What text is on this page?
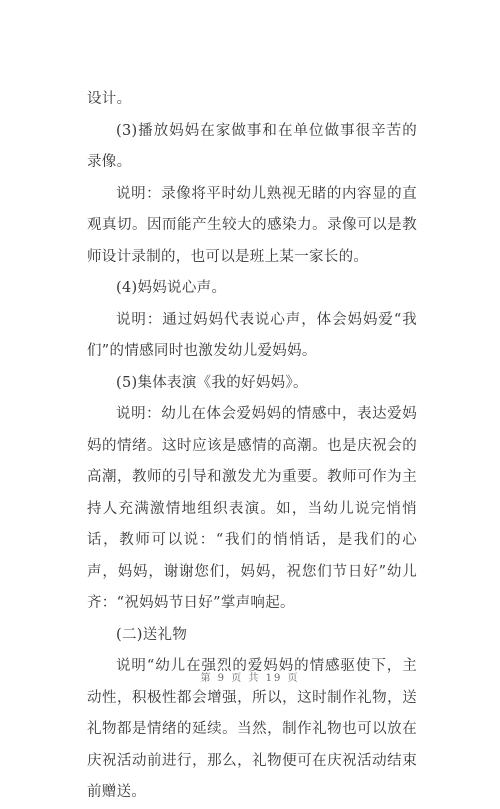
设计。

(3)播放妈妈在家做事和在单位做事很辛苦的录像。

说明：录像将平时幼儿熟视无睹的内容显的直观真切。因而能产生较大的感染力。录像可以是教师设计录制的，也可以是班上某一家长的。

(4)妈妈说心声。

说明：通过妈妈代表说心声，体会妈妈爱“我们”的情感同时也激发幼儿爱妈妈。

(5)集体表演《我的好妈妈》。

说明：幼儿在体会爱妈妈的情感中，表达爱妈妈的情绪。这时应该是感情的高潮。也是庆祝会的高潮，教师的引导和激发尤为重要。教师可作为主持人充满激情地组织表演。如，当幼儿说完悄悄话，教师可以说：“我们的悄悄话，是我们的心声，妈妈，谢谢您们，妈妈，祝您们节日好”幼儿齐：“祝妈妈节日好”掌声响起。

(二)送礼物

说明“幼儿在强烈的爱妈妈的情感驱使下，主动性，积极性都会增强，所以，这时制作礼物，送礼物都是情绪的延续。当然，制作礼物也可以放在庆祝活动前进行，那么，礼物便可在庆祝活动结束前赠送。

第 9 页 共 19 页
